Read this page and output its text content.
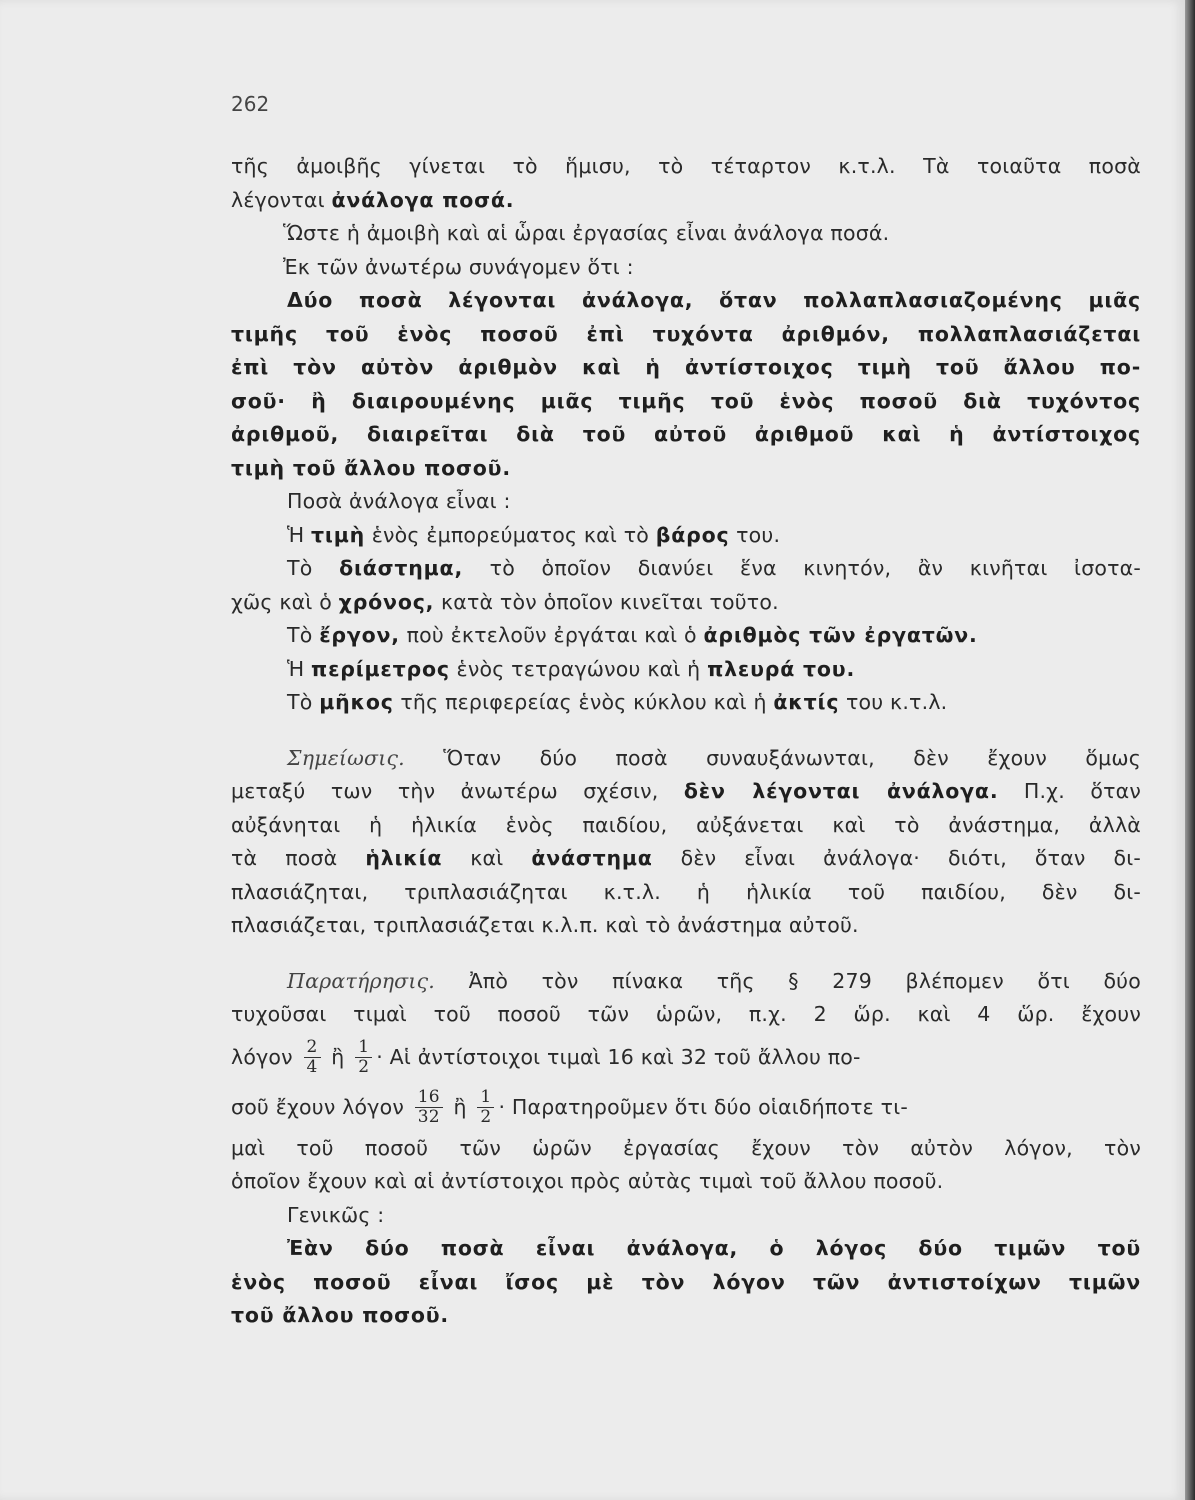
262
τῆς ἀμοιβῆς γίνεται τὸ ἥμισυ, τὸ τέταρτον κ.τ.λ. Τὰ τοιαῦτα ποσὰ
λέγονται ἀνάλογα ποσά.
Ὥστε ἡ ἀμοιβὴ καὶ αἱ ὧραι ἐργασίας εἶναι ἀνάλογα ποσά.
Ἐκ τῶν ἀνωτέρω συνάγομεν ὅτι :
Δύο ποσὰ λέγονται ἀνάλογα, ὅταν πολλαπλασιαζομένης μιᾶς
τιμῆς τοῦ ἑνὸς ποσοῦ ἐπὶ τυχόντα ἀριθμόν, πολλαπλασιάζεται
ἐπὶ τὸν αὐτὸν ἀριθμὸν καὶ ἡ ἀντίστοιχος τιμὴ τοῦ ἄλλου πο-
σοῦ· ἢ διαιρουμένης μιᾶς τιμῆς τοῦ ἑνὸς ποσοῦ διὰ τυχόντος
ἀριθμοῦ, διαιρεῖται διὰ τοῦ αὐτοῦ ἀριθμοῦ καὶ ἡ ἀντίστοιχος
τιμὴ τοῦ ἄλλου ποσοῦ.
Ποσὰ ἀνάλογα εἶναι :
Ἡ τιμὴ ἑνὸς ἐμπορεύματος καὶ τὸ βάρος του.
Τὸ διάστημα, τὸ ὁποῖον διανύει ἕνα κινητόν, ἂν κινῆται ἰσοτα-
χῶς καὶ ὁ χρόνος, κατὰ τὸν ὁποῖον κινεῖται τοῦτο.
Τὸ ἔργον, ποὺ ἐκτελοῦν ἐργάται καὶ ὁ ἀριθμὸς τῶν ἐργατῶν.
Ἡ περίμετρος ἑνὸς τετραγώνου καὶ ἡ πλευρά του.
Τὸ μῆκος τῆς περιφερείας ἑνὸς κύκλου καὶ ἡ ἀκτίς του κ.τ.λ.
Σημείωσις. Ὅταν δύο ποσὰ συναυξάνωνται, δὲν ἔχουν ὅμως
μεταξύ των τὴν ἀνωτέρω σχέσιν, δὲν λέγονται ἀνάλογα. Π.χ. ὅταν
αὐξάνηται ἡ ἡλικία ἑνὸς παιδίου, αὐξάνεται καὶ τὸ ἀνάστημα, ἀλλὰ
τὰ ποσὰ ἡλικία καὶ ἀνάστημα δὲν εἶναι ἀνάλογα· διότι, ὅταν δι-
πλασιάζηται, τριπλασιάζηται κ.τ.λ. ἡ ἡλικία τοῦ παιδίου, δὲν δι-
πλασιάζεται, τριπλασιάζεται κ.λ.π. καὶ τὸ ἀνάστημα αὐτοῦ.
Παρατήρησις. Ἀπὸ τὸν πίνακα τῆς § 279 βλέπομεν ὅτι δύο
τυχοῦσαι τιμαὶ τοῦ ποσοῦ τῶν ὡρῶν, π.χ. 2 ὥρ. καὶ 4 ὥρ. ἔχουν
λόγον $\frac{2}{4}$ ἢ $\frac{1}{2}$ · Αἱ ἀντίστοιχοι τιμαὶ 16 καὶ 32 τοῦ ἄλλου πο-
σοῦ ἔχουν λόγον $\frac{16}{32}$ ἢ $\frac{1}{2}$ · Παρατηροῦμεν ὅτι δύο οἱαιδήποτε τι-
μαὶ τοῦ ποσοῦ τῶν ὡρῶν ἐργασίας ἔχουν τὸν αὐτὸν λόγον, τὸν
ὁποῖον ἔχουν καὶ αἱ ἀντίστοιχοι πρὸς αὐτὰς τιμαὶ τοῦ ἄλλου ποσοῦ.
Γενικῶς :
Ἐὰν δύο ποσὰ εἶναι ἀνάλογα, ὁ λόγος δύο τιμῶν τοῦ
ἑνὸς ποσοῦ εἶναι ἴσος μὲ τὸν λόγον τῶν ἀντιστοίχων τιμῶν
τοῦ ἄλλου ποσοῦ.
